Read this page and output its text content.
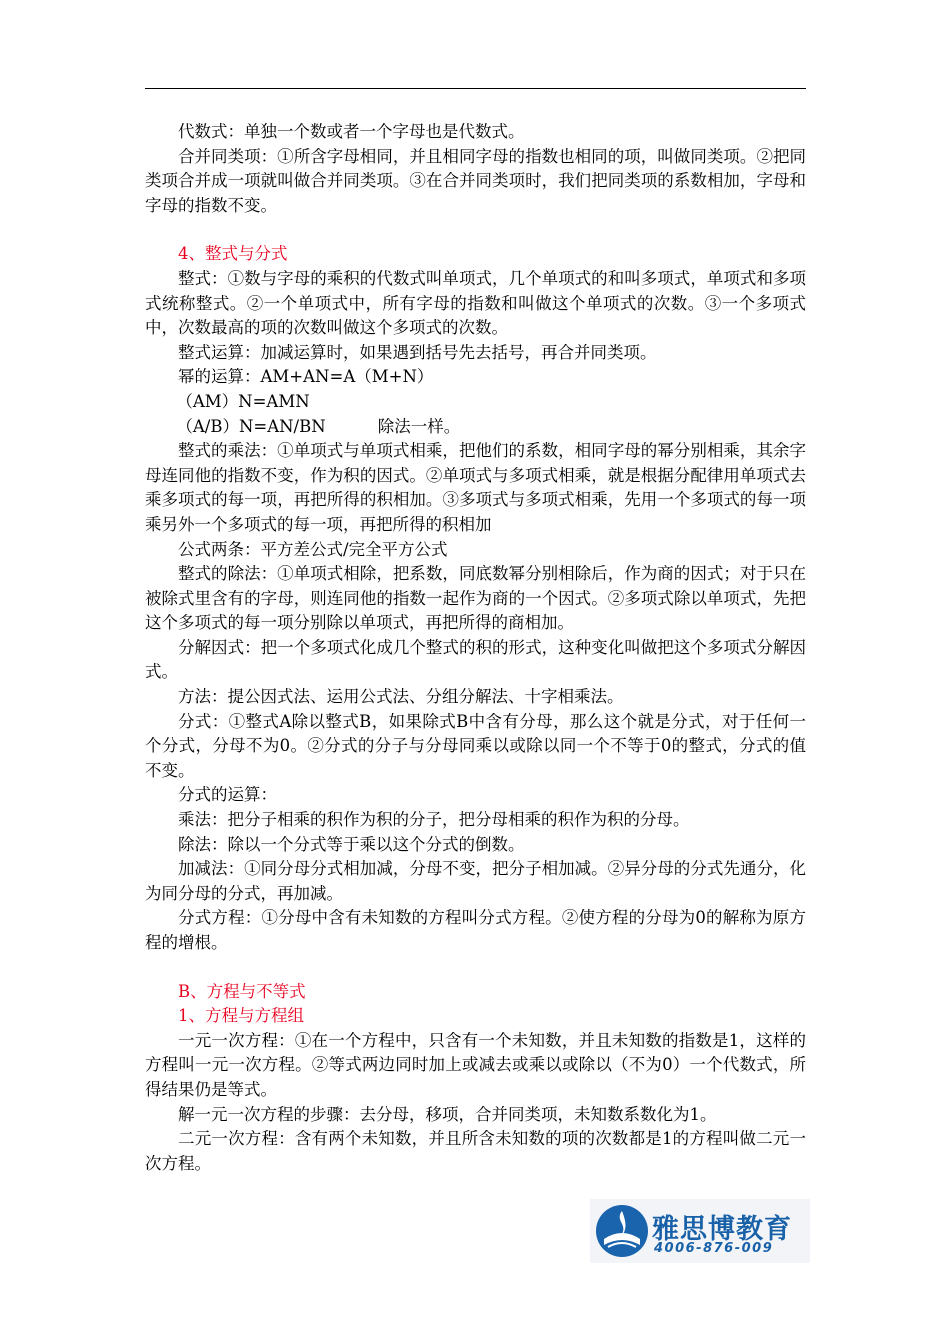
代数式：单独一个数或者一个字母也是代数式。

合并同类项：①所含字母相同，并且相同字母的指数也相同的项，叫做同类项。②把同类项合并成一项就叫做合并同类项。③在合并同类项时，我们把同类项的系数相加，字母和字母的指数不变。

4、整式与分式

整式：①数与字母的乘积的代数式叫单项式，几个单项式的和叫多项式，单项式和多项式统称整式。②一个单项式中，所有字母的指数和叫做这个单项式的次数。③一个多项式中，次数最高的项的次数叫做这个多项式的次数。

整式运算：加减运算时，如果遇到括号先去括号，再合并同类项。

幂的运算：AM+AN=A（M+N）

（AM）N=AMN

（A/B）N=AN/BN	除法一样。

整式的乘法：①单项式与单项式相乘，把他们的系数，相同字母的幂分别相乘，其余字母连同他的指数不变，作为积的因式。②单项式与多项式相乘，就是根据分配律用单项式去乘多项式的每一项，再把所得的积相加。③多项式与多项式相乘，先用一个多项式的每一项乘另外一个多项式的每一项，再把所得的积相加

公式两条：平方差公式/完全平方公式

整式的除法：①单项式相除，把系数，同底数幂分别相除后，作为商的因式；对于只在被除式里含有的字母，则连同他的指数一起作为商的一个因式。②多项式除以单项式，先把这个多项式的每一项分别除以单项式，再把所得的商相加。

分解因式：把一个多项式化成几个整式的积的形式，这种变化叫做把这个多项式分解因式。

方法：提公因式法、运用公式法、分组分解法、十字相乘法。

分式：①整式A除以整式B，如果除式B中含有分母，那么这个就是分式，对于任何一个分式，分母不为0。②分式的分子与分母同乘以或除以同一个不等于0的整式，分式的值不变。

分式的运算：

乘法：把分子相乘的积作为积的分子，把分母相乘的积作为积的分母。

除法：除以一个分式等于乘以这个分式的倒数。

加减法：①同分母分式相加减，分母不变，把分子相加减。②异分母的分式先通分，化为同分母的分式，再加减。

分式方程：①分母中含有未知数的方程叫分式方程。②使方程的分母为0的解称为原方程的增根。

B、方程与不等式

1、方程与方程组

一元一次方程：①在一个方程中，只含有一个未知数，并且未知数的指数是1，这样的方程叫一元一次方程。②等式两边同时加上或减去或乘以或除以（不为0）一个代数式，所得结果仍是等式。

解一元一次方程的步骤：去分母，移项，合并同类项，未知数系数化为1。

二元一次方程：含有两个未知数，并且所含未知数的项的次数都是1的方程叫做二元一次方程。

雅思博教育
4006-876-009
